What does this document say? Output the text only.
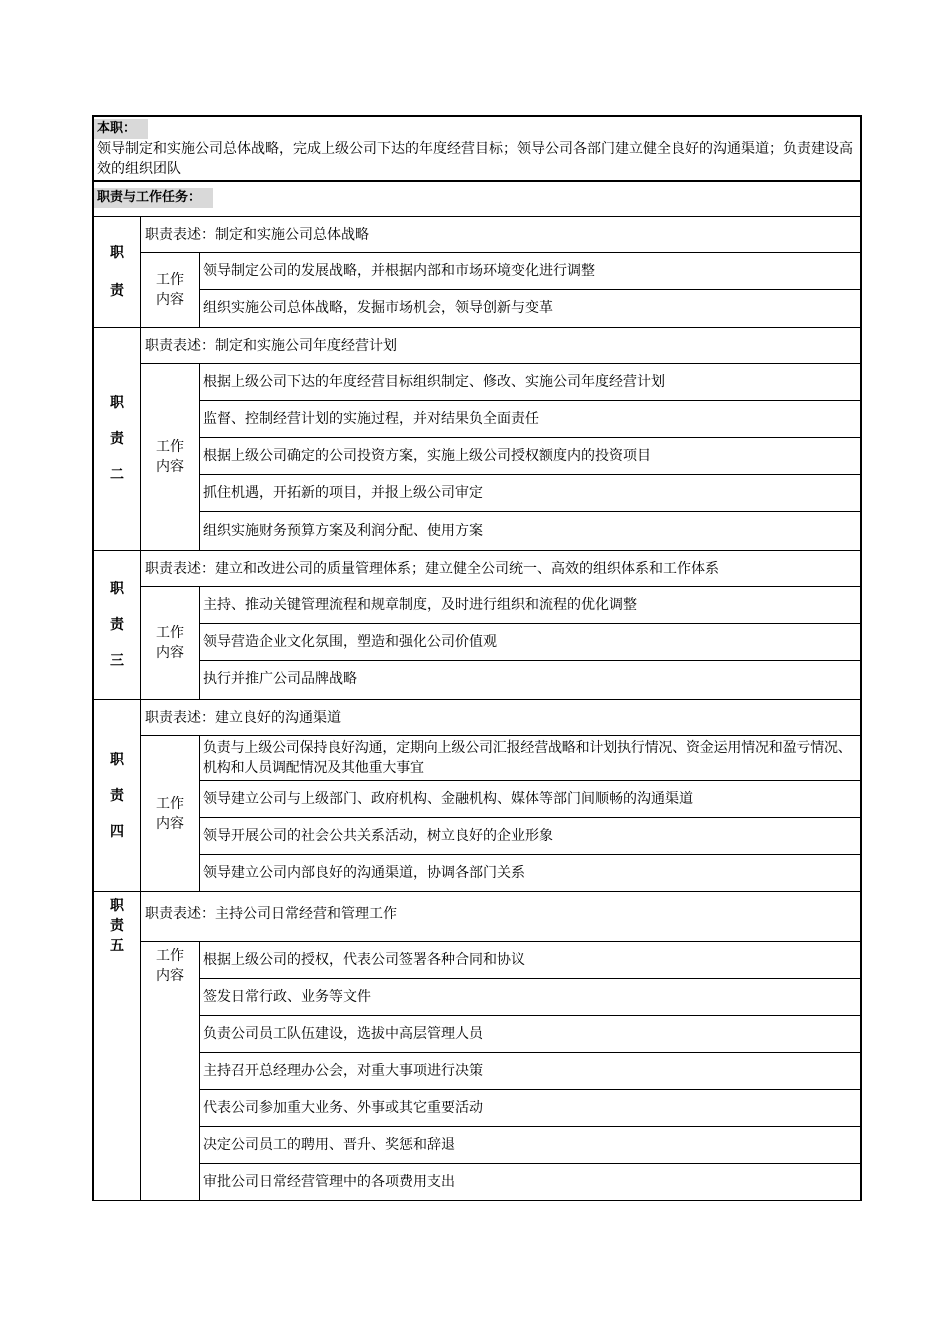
本职：
领导制定和实施公司总体战略，完成上级公司下达的年度经营目标；领导公司各部门建立健全良好的沟通渠道；负责建设高效的组织团队
职责与工作任务：
职
责
职责表述：制定和实施公司总体战略
工作
内容
领导制定公司的发展战略，并根据内部和市场环境变化进行调整
组织实施公司总体战略，发掘市场机会，领导创新与变革
职
责
二
职责表述：制定和实施公司年度经营计划
工作
内容
根据上级公司下达的年度经营目标组织制定、修改、实施公司年度经营计划
监督、控制经营计划的实施过程，并对结果负全面责任
根据上级公司确定的公司投资方案，实施上级公司授权额度内的投资项目
抓住机遇，开拓新的项目，并报上级公司审定
组织实施财务预算方案及利润分配、使用方案
职
责
三
职责表述：建立和改进公司的质量管理体系；建立健全公司统一、高效的组织体系和工作体系
工作
内容
主持、推动关键管理流程和规章制度，及时进行组织和流程的优化调整
领导营造企业文化氛围，塑造和强化公司价值观
执行并推广公司品牌战略
职
责
四
职责表述：建立良好的沟通渠道
工作
内容
负责与上级公司保持良好沟通，定期向上级公司汇报经营战略和计划执行情况、资金运用情况和盈亏情况、机构和人员调配情况及其他重大事宜
领导建立公司与上级部门、政府机构、金融机构、媒体等部门间顺畅的沟通渠道
领导开展公司的社会公共关系活动，树立良好的企业形象
领导建立公司内部良好的沟通渠道，协调各部门关系
职
责
五
职责表述：主持公司日常经营和管理工作
工作
内容
根据上级公司的授权，代表公司签署各种合同和协议
签发日常行政、业务等文件
负责公司员工队伍建设，选拔中高层管理人员
主持召开总经理办公会，对重大事项进行决策
代表公司参加重大业务、外事或其它重要活动
决定公司员工的聘用、晋升、奖惩和辞退
审批公司日常经营管理中的各项费用支出
